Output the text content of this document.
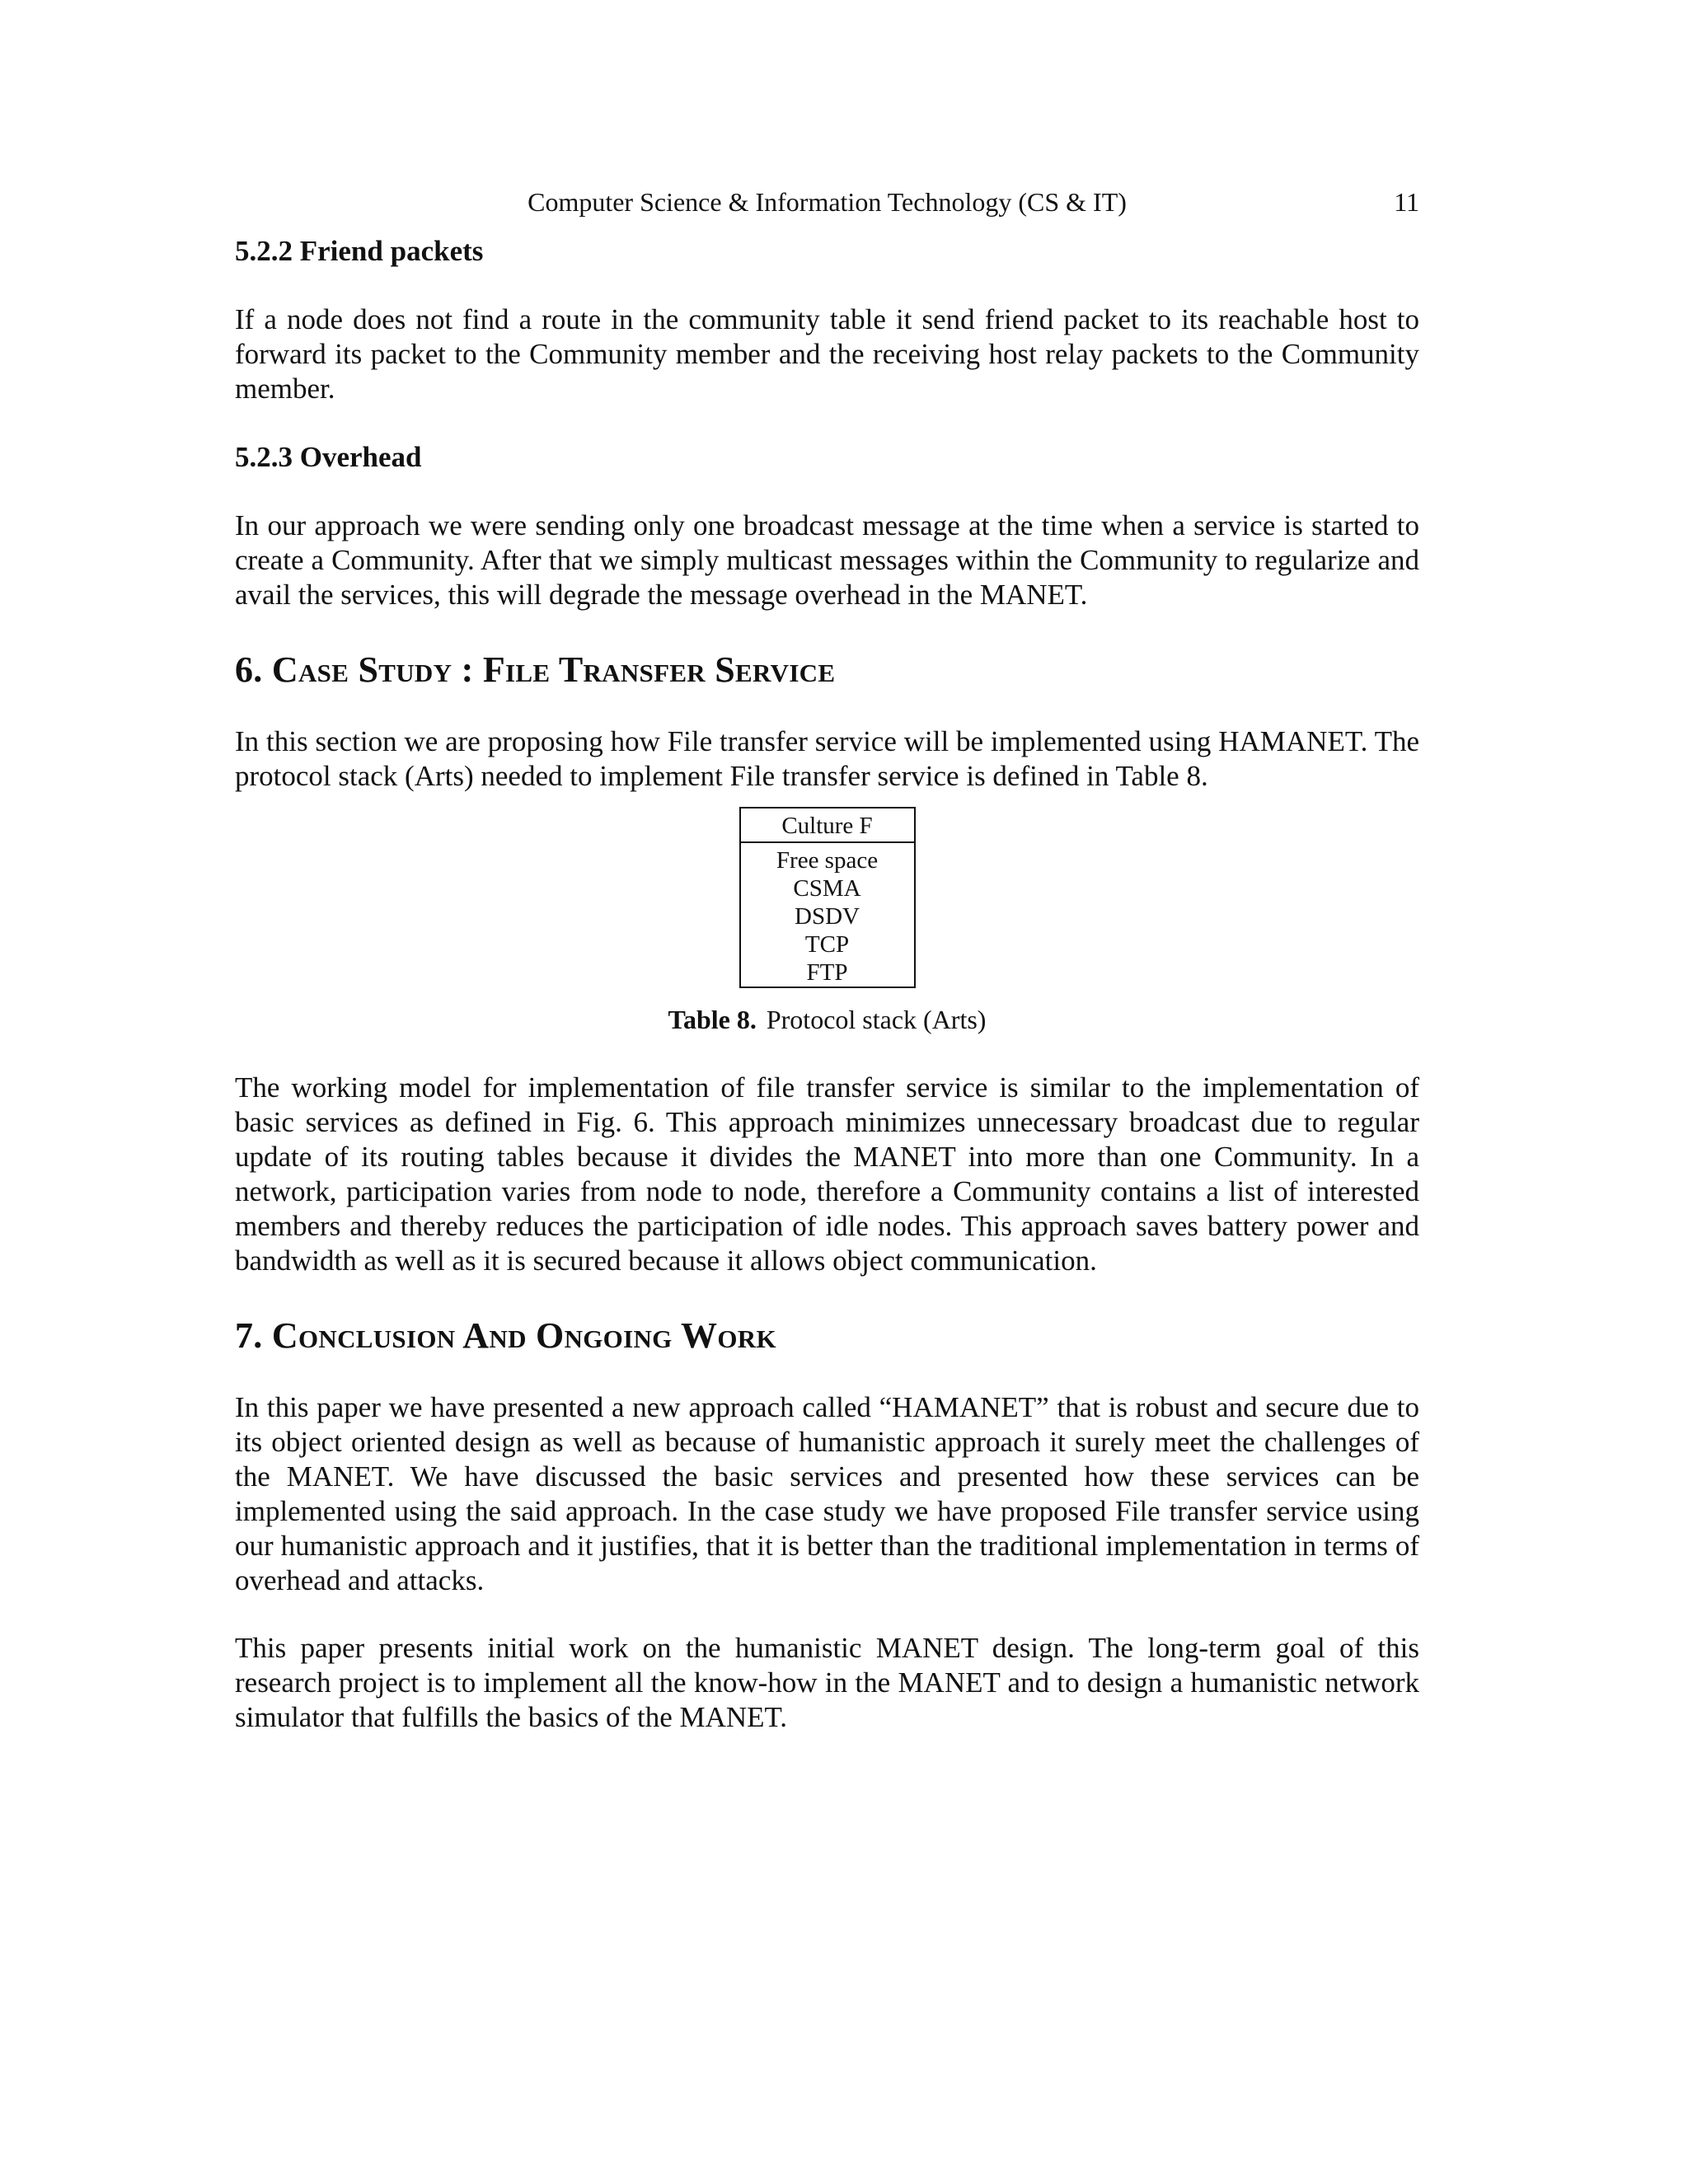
Computer Science & Information Technology (CS & IT)	11

5.2.2 Friend packets

If a node does not find a route in the community table it send friend packet to its reachable host to forward its packet to the Community member and the receiving host relay packets to the Community member.

5.2.3 Overhead

In our approach we were sending only one broadcast message at the time when a service is started to create a Community. After that we simply multicast messages within the Community to regularize and avail the services, this will degrade the message overhead in the MANET.

6. Case Study : File Transfer Service

In this section we are proposing how File transfer service will be implemented using HAMANET. The protocol stack (Arts) needed to implement File transfer service is defined in Table 8.

Culture F
Free space
CSMA
DSDV
TCP
FTP
Table 8. Protocol stack (Arts)

The working model for implementation of file transfer service is similar to the implementation of basic services as defined in Fig. 6. This approach minimizes unnecessary broadcast due to regular update of its routing tables because it divides the MANET into more than one Community. In a network, participation varies from node to node, therefore a Community contains a list of interested members and thereby reduces the participation of idle nodes. This approach saves battery power and bandwidth as well as it is secured because it allows object communication.

7. Conclusion And Ongoing Work

In this paper we have presented a new approach called “HAMANET” that is robust and secure due to its object oriented design as well as because of humanistic approach it surely meet the challenges of the MANET. We have discussed the basic services and presented how these services can be implemented using the said approach. In the case study we have proposed File transfer service using our humanistic approach and it justifies, that it is better than the traditional implementation in terms of overhead and attacks.

This paper presents initial work on the humanistic MANET design. The long-term goal of this research project is to implement all the know-how in the MANET and to design a humanistic network simulator that fulfills the basics of the MANET.
